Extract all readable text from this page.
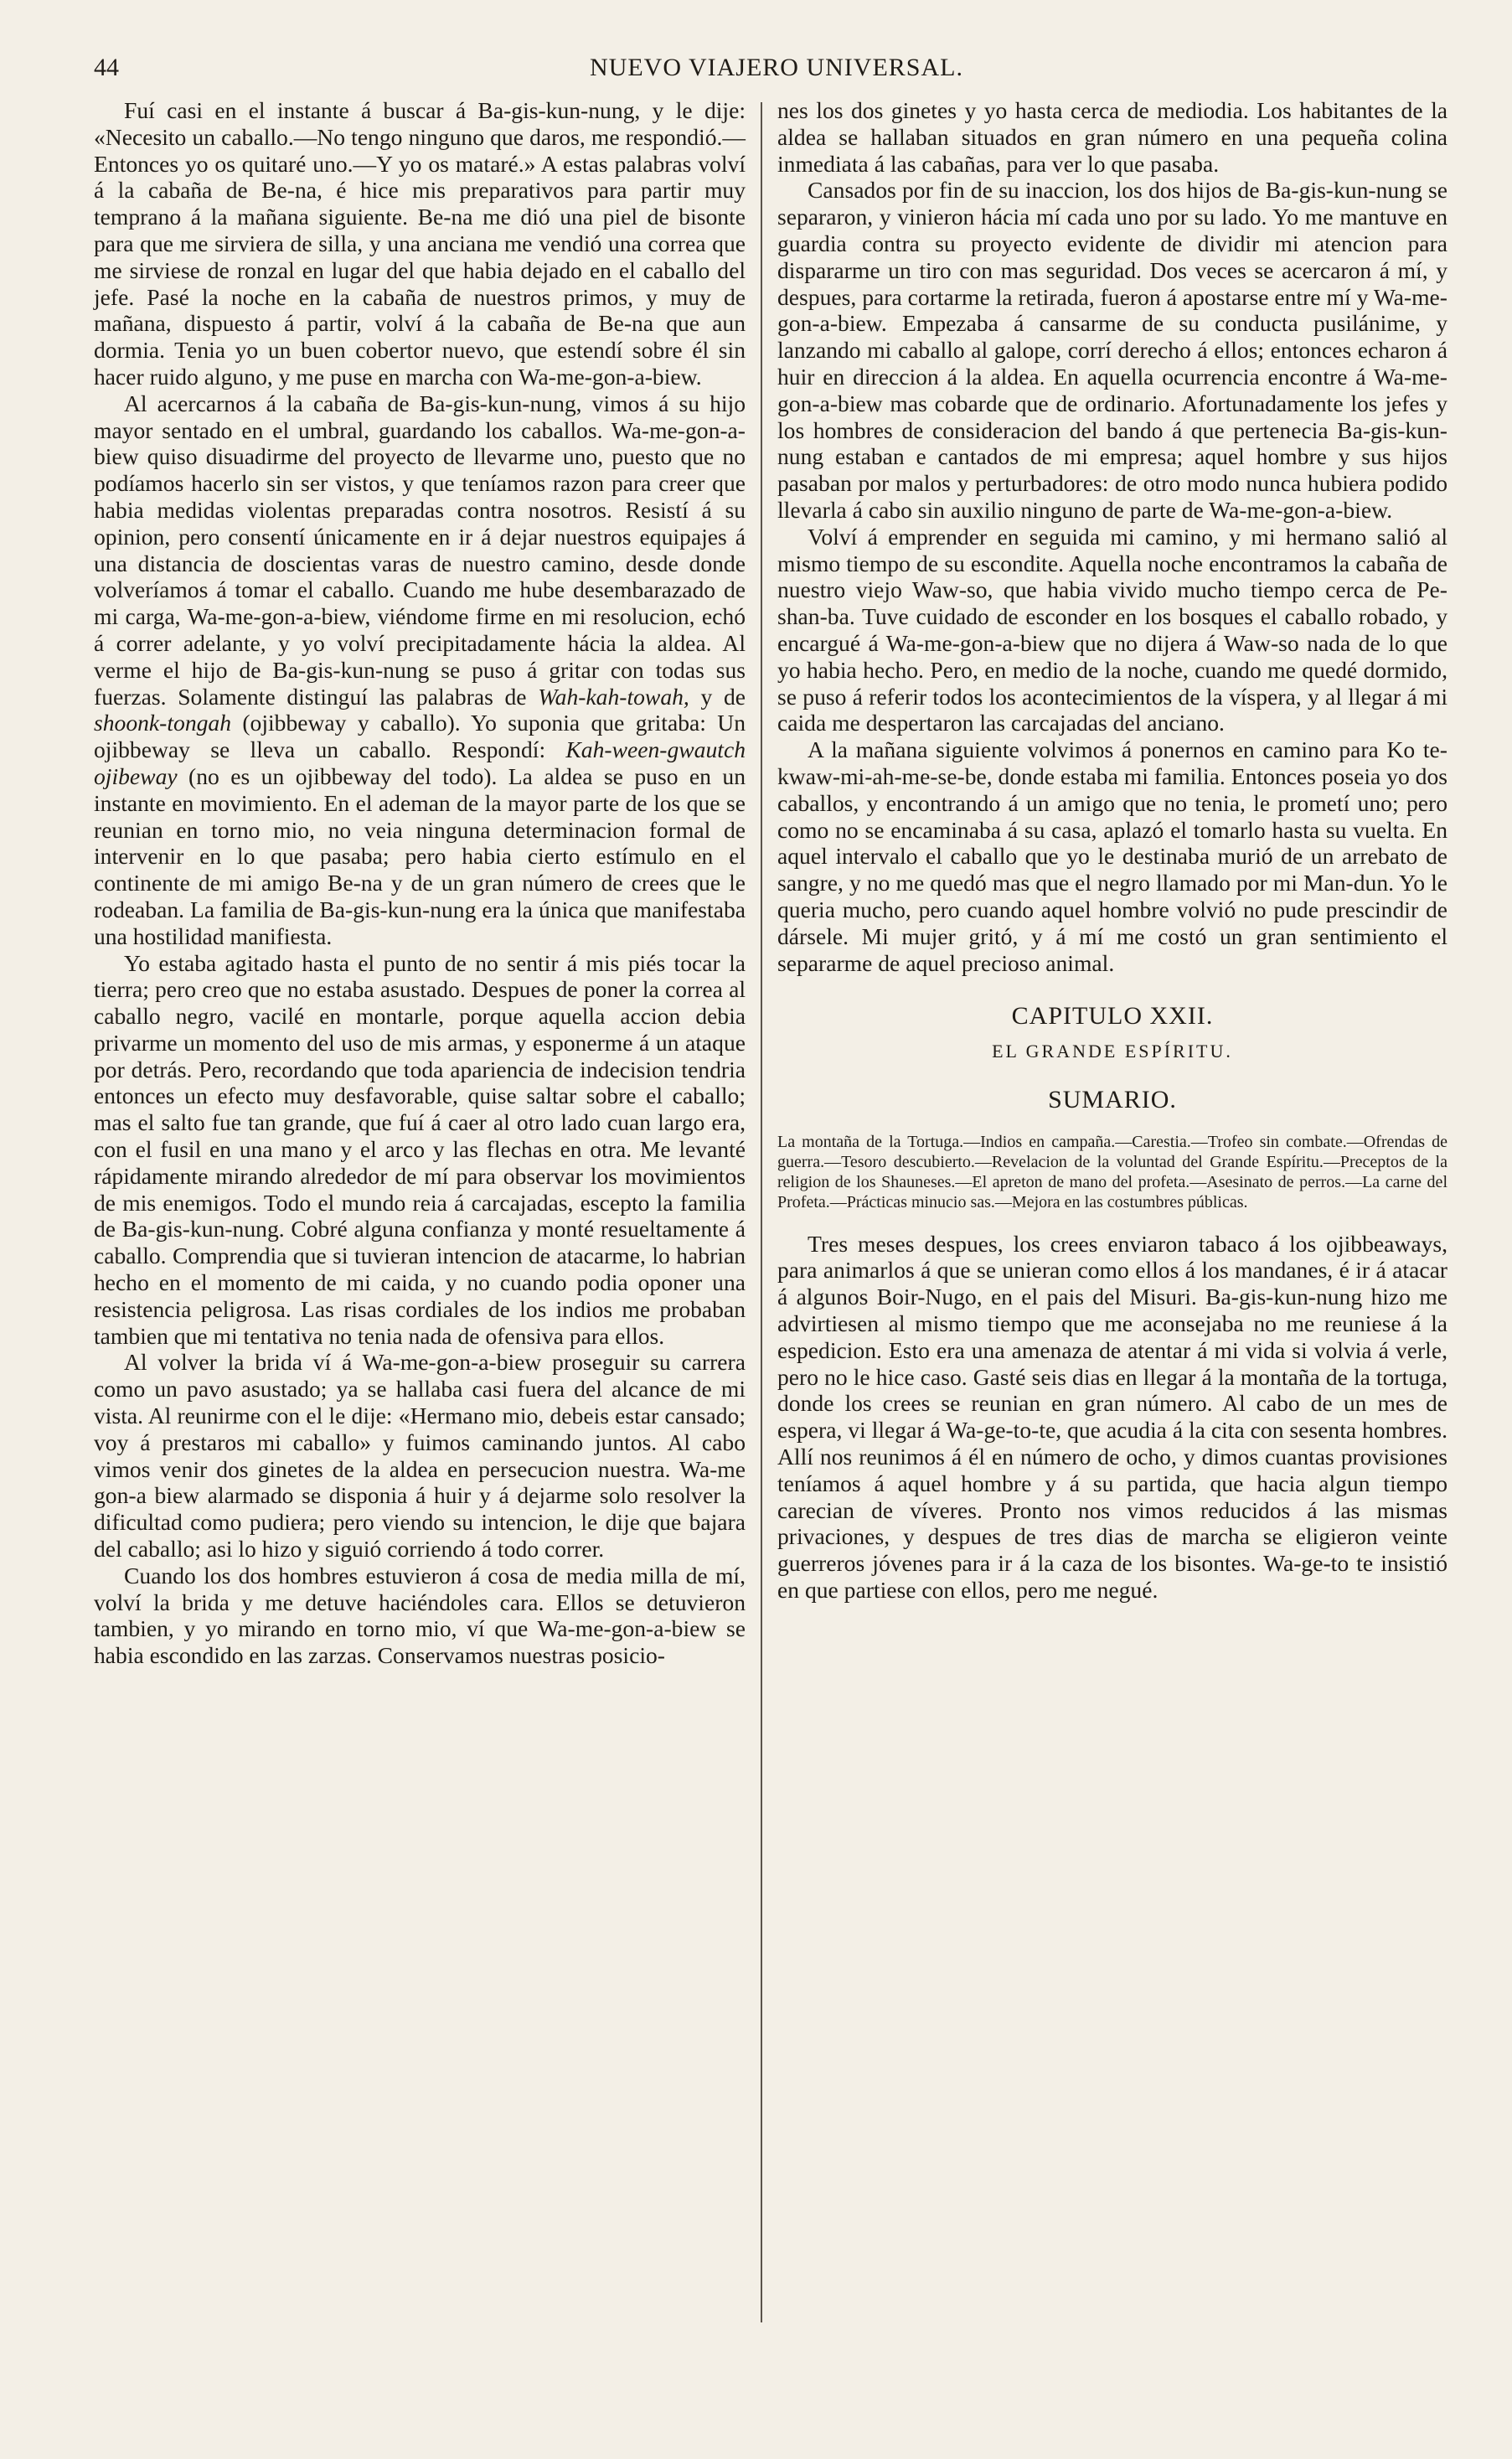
44	NUEVO VIAJERO UNIVERSAL.

Fuí casi en el instante á buscar á Ba-gis-kun-nung, y le dije: «Necesito un caballo.—No tengo ninguno que daros, me respondió.—Entonces yo os quitaré uno.—Y yo os mataré.» A estas palabras volví á la cabaña de Be-na, é hice mis preparativos para partir muy temprano á la mañana siguiente. Be-na me dió una piel de bisonte para que me sirviera de silla, y una anciana me vendió una correa que me sirviese de ronzal en lugar del que habia dejado en el caballo del jefe. Pasé la noche en la cabaña de nuestros primos, y muy de mañana, dispuesto á partir, volví á la cabaña de Be-na que aun dormia. Tenia yo un buen cobertor nuevo, que estendí sobre él sin hacer ruido alguno, y me puse en marcha con Wa-me-gon-a-biew.

Al acercarnos á la cabaña de Ba-gis-kun-nung, vimos á su hijo mayor sentado en el umbral, guardando los caballos. Wa-me-gon-a-biew quiso disuadirme del proyecto de llevarme uno, puesto que no podíamos hacerlo sin ser vistos, y que teníamos razon para creer que habia medidas violentas preparadas contra nosotros. Resistí á su opinion, pero consentí únicamente en ir á dejar nuestros equipajes á una distancia de doscientas varas de nuestro camino, desde donde volveríamos á tomar el caballo. Cuando me hube desembarazado de mi carga, Wa-me-gon-a-biew, viéndome firme en mi resolucion, echó á correr adelante, y yo volví precipitadamente hácia la aldea. Al verme el hijo de Ba-gis-kun-nung se puso á gritar con todas sus fuerzas. Solamente distinguí las palabras de Wah-kah-towah, y de shoonk-tongah (ojibbeway y caballo). Yo suponia que gritaba: Un ojibbeway se lleva un caballo. Respondí: Kah-ween-gwautch ojibeway (no es un ojibbeway del todo). La aldea se puso en un instante en movimiento. En el ademan de la mayor parte de los que se reunian en torno mio, no veia ninguna determinacion formal de intervenir en lo que pasaba; pero habia cierto estímulo en el continente de mi amigo Be-na y de un gran número de crees que le rodeaban. La familia de Ba-gis-kun-nung era la única que manifestaba una hostilidad manifiesta.

Yo estaba agitado hasta el punto de no sentir á mis piés tocar la tierra; pero creo que no estaba asustado. Despues de poner la correa al caballo negro, vacilé en montarle, porque aquella accion debia privarme un momento del uso de mis armas, y esponerme á un ataque por detrás. Pero, recordando que toda apariencia de indecision tendria entonces un efecto muy desfavorable, quise saltar sobre el caballo; mas el salto fue tan grande, que fuí á caer al otro lado cuan largo era, con el fusil en una mano y el arco y las flechas en otra. Me levanté rápidamente mirando alrededor de mí para observar los movimientos de mis enemigos. Todo el mundo reia á carcajadas, escepto la familia de Ba-gis-kun-nung. Cobré alguna confianza y monté resueltamente á caballo. Comprendia que si tuvieran intencion de atacarme, lo habrian hecho en el momento de mi caida, y no cuando podia oponer una resistencia peligrosa. Las risas cordiales de los indios me probaban tambien que mi tentativa no tenia nada de ofensiva para ellos.

Al volver la brida ví á Wa-me-gon-a-biew proseguir su carrera como un pavo asustado; ya se hallaba casi fuera del alcance de mi vista. Al reunirme con el le dije: «Hermano mio, debeis estar cansado; voy á prestaros mi caballo» y fuimos caminando juntos. Al cabo vimos venir dos ginetes de la aldea en persecucion nuestra. Wa-me gon-a biew alarmado se disponia á huir y á dejarme solo resolver la dificultad como pudiera; pero viendo su intencion, le dije que bajara del caballo; asi lo hizo y siguió corriendo á todo correr.

Cuando los dos hombres estuvieron á cosa de media milla de mí, volví la brida y me detuve haciéndoles cara. Ellos se detuvieron tambien, y yo mirando en torno mio, ví que Wa-me-gon-a-biew se habia escondido en las zarzas. Conservamos nuestras posicio-

nes los dos ginetes y yo hasta cerca de mediodia. Los habitantes de la aldea se hallaban situados en gran número en una pequeña colina inmediata á las cabañas, para ver lo que pasaba.

Cansados por fin de su inaccion, los dos hijos de Ba-gis-kun-nung se separaron, y vinieron hácia mí cada uno por su lado. Yo me mantuve en guardia contra su proyecto evidente de dividir mi atencion para dispararme un tiro con mas seguridad. Dos veces se acercaron á mí, y despues, para cortarme la retirada, fueron á apostarse entre mí y Wa-me-gon-a-biew. Empezaba á cansarme de su conducta pusilánime, y lanzando mi caballo al galope, corrí derecho á ellos; entonces echaron á huir en direccion á la aldea. En aquella ocurrencia encontre á Wa-me-gon-a-biew mas cobarde que de ordinario. Afortunadamente los jefes y los hombres de consideracion del bando á que pertenecia Ba-gis-kun-nung estaban e cantados de mi empresa; aquel hombre y sus hijos pasaban por malos y perturbadores: de otro modo nunca hubiera podido llevarla á cabo sin auxilio ninguno de parte de Wa-me-gon-a-biew.

Volví á emprender en seguida mi camino, y mi hermano salió al mismo tiempo de su escondite. Aquella noche encontramos la cabaña de nuestro viejo Waw-so, que habia vivido mucho tiempo cerca de Pe-shan-ba. Tuve cuidado de esconder en los bosques el caballo robado, y encargué á Wa-me-gon-a-biew que no dijera á Waw-so nada de lo que yo habia hecho. Pero, en medio de la noche, cuando me quedé dormido, se puso á referir todos los acontecimientos de la víspera, y al llegar á mi caida me despertaron las carcajadas del anciano.

A la mañana siguiente volvimos á ponernos en camino para Ko te-kwaw-mi-ah-me-se-be, donde estaba mi familia. Entonces poseia yo dos caballos, y encontrando á un amigo que no tenia, le prometí uno; pero como no se encaminaba á su casa, aplazó el tomarlo hasta su vuelta. En aquel intervalo el caballo que yo le destinaba murió de un arrebato de sangre, y no me quedó mas que el negro llamado por mi Man-dun. Yo le queria mucho, pero cuando aquel hombre volvió no pude prescindir de dársele. Mi mujer gritó, y á mí me costó un gran sentimiento el separarme de aquel precioso animal.

CAPITULO XXII.
EL GRANDE ESPÍRITU.
SUMARIO.

La montaña de la Tortuga.—Indios en campaña.—Carestia.—Trofeo sin combate.—Ofrendas de guerra.—Tesoro descubierto.—Revelacion de la voluntad del Grande Espíritu.—Preceptos de la religion de los Shauneses.—El apreton de mano del profeta.—Asesinato de perros.—La carne del Profeta.—Prácticas minucio sas.—Mejora en las costumbres públicas.

Tres meses despues, los crees enviaron tabaco á los ojibbeaways, para animarlos á que se unieran como ellos á los mandanes, é ir á atacar á algunos Boir-Nugo, en el pais del Misuri. Ba-gis-kun-nung hizo me advirtiesen al mismo tiempo que me aconsejaba no me reuniese á la espedicion. Esto era una amenaza de atentar á mi vida si volvia á verle, pero no le hice caso. Gasté seis dias en llegar á la montaña de la tortuga, donde los crees se reunian en gran número. Al cabo de un mes de espera, vi llegar á Wa-ge-to-te, que acudia á la cita con sesenta hombres. Allí nos reunimos á él en número de ocho, y dimos cuantas provisiones teníamos á aquel hombre y á su partida, que hacia algun tiempo carecian de víveres. Pronto nos vimos reducidos á las mismas privaciones, y despues de tres dias de marcha se eligieron veinte guerreros jóvenes para ir á la caza de los bisontes. Wa-ge-to te insistió en que partiese con ellos, pero me negué.
